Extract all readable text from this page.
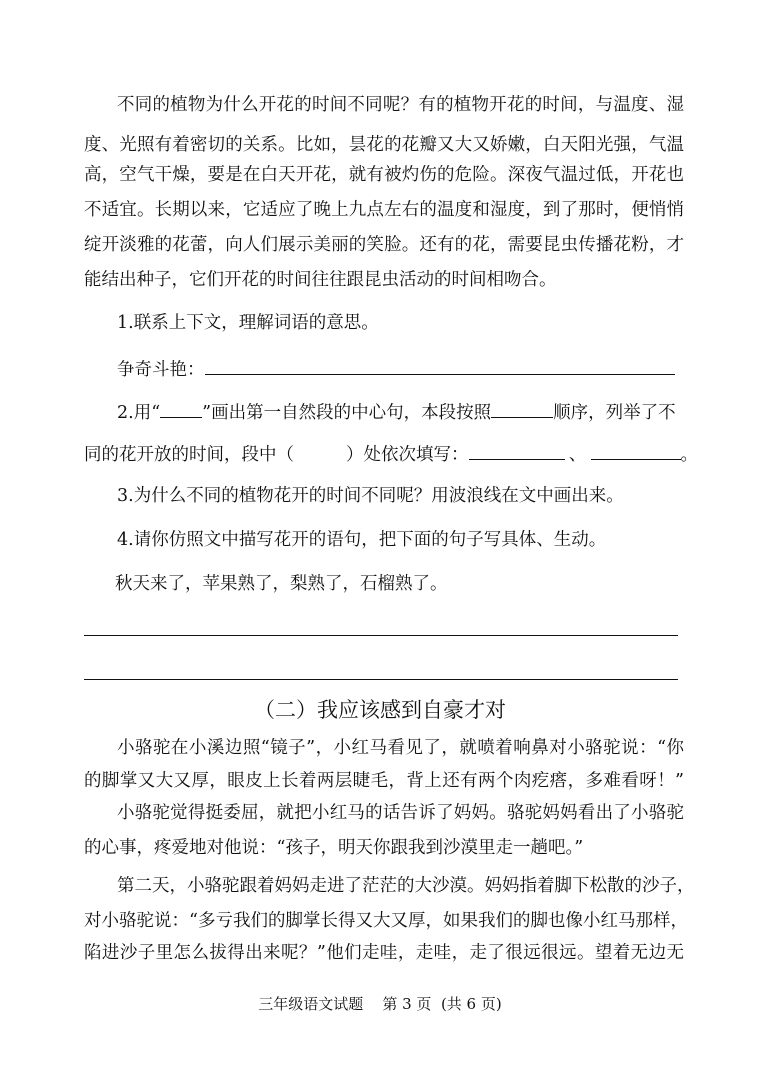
不同的植物为什么开花的时间不同呢？有的植物开花的时间，与温度、湿
度、光照有着密切的关系。比如，昙花的花瓣又大又娇嫩，白天阳光强，气温
高，空气干燥，要是在白天开花，就有被灼伤的危险。深夜气温过低，开花也
不适宜。长期以来，它适应了晚上九点左右的温度和湿度，到了那时，便悄悄
绽开淡雅的花蕾，向人们展示美丽的笑脸。还有的花，需要昆虫传播花粉，才
能结出种子，它们开花的时间往往跟昆虫活动的时间相吻合。
1.联系上下文，理解词语的意思。
争奇斗艳：
2.用“ ”画出第一自然段的中心句，本段按照	顺序，列举了不
同的花开放的时间，段中（	）处依次填写：	、	。
3.为什么不同的植物花开的时间不同呢？用波浪线在文中画出来。
4.请你仿照文中描写花开的语句，把下面的句子写具体、生动。
秋天来了，苹果熟了，梨熟了，石榴熟了。
（二）我应该感到自豪才对
小骆驼在小溪边照“镜子”，小红马看见了，就喷着响鼻对小骆驼说：“你
的脚掌又大又厚，眼皮上长着两层睫毛，背上还有两个肉疙瘩，多难看呀！”
小骆驼觉得挺委屈，就把小红马的话告诉了妈妈。骆驼妈妈看出了小骆驼
的心事，疼爱地对他说：“孩子，明天你跟我到沙漠里走一趟吧。”
第二天，小骆驼跟着妈妈走进了茫茫的大沙漠。妈妈指着脚下松散的沙子，
对小骆驼说：“多亏我们的脚掌长得又大又厚，如果我们的脚也像小红马那样，
陷进沙子里怎么拔得出来呢？”他们走哇，走哇，走了很远很远。望着无边无
三年级语文试题    第 3 页  (共 6 页)
